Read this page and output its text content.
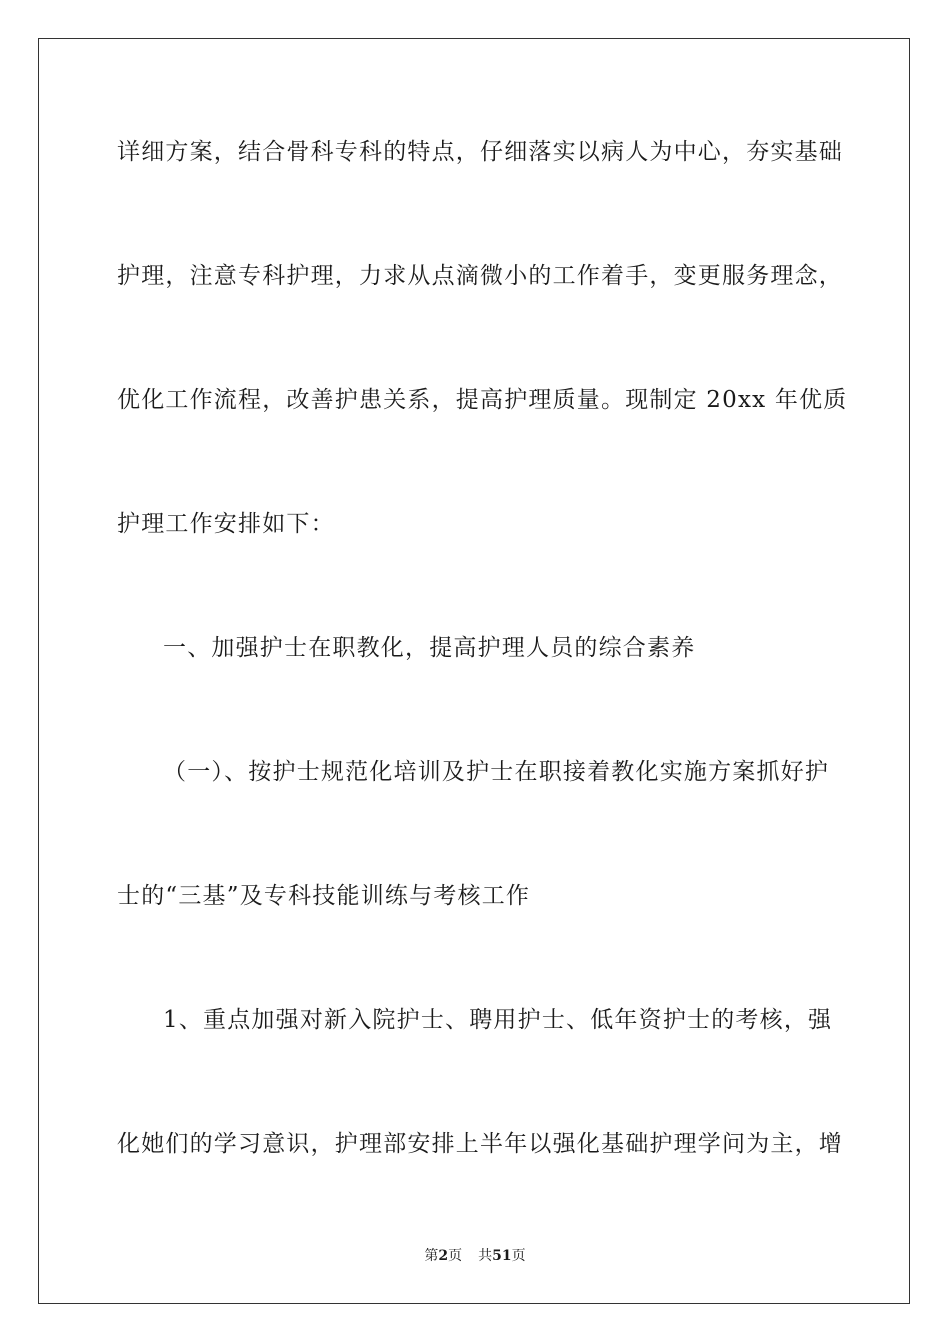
详细方案，结合骨科专科的特点，仔细落实以病人为中心，夯实基础
护理，注意专科护理，力求从点滴微小的工作着手，变更服务理念，
优化工作流程，改善护患关系，提高护理质量。现制定 20xx 年优质
护理工作安排如下：
一、加强护士在职教化，提高护理人员的综合素养
（一）、按护士规范化培训及护士在职接着教化实施方案抓好护
士的“三基”及专科技能训练与考核工作
1、重点加强对新入院护士、聘用护士、低年资护士的考核，强
化她们的学习意识，护理部安排上半年以强化基础护理学问为主，增
第2页 共51页
